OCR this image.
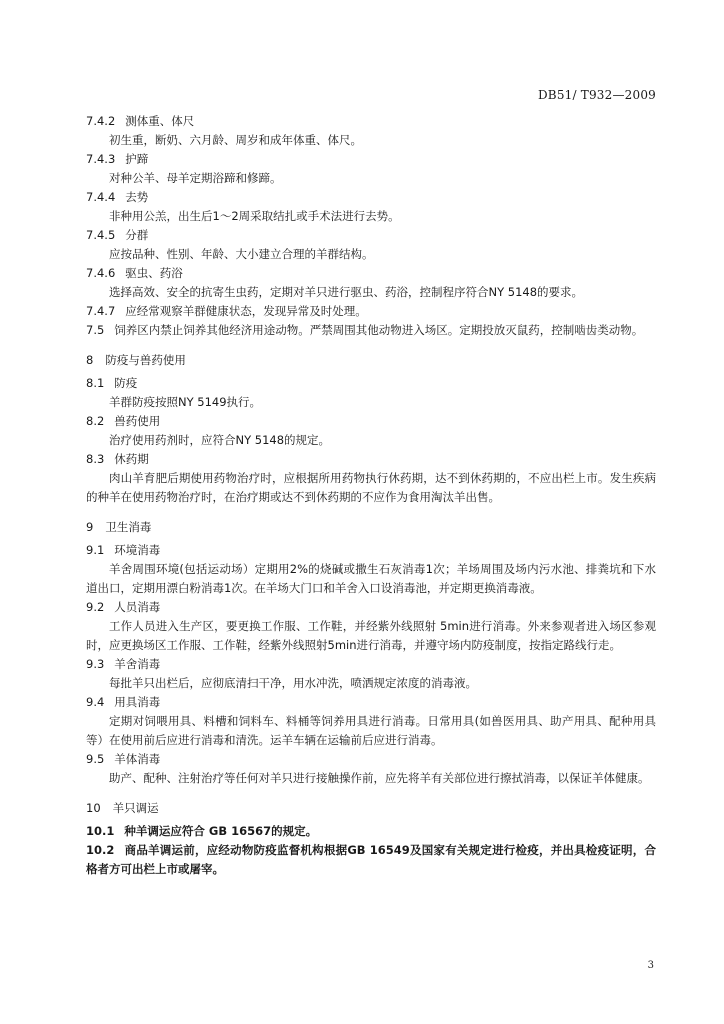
DB51/ T932—2009

7.4.2 测体重、体尺

初生重，断奶、六月龄、周岁和成年体重、体尺。

7.4.3 护蹄

对种公羊、母羊定期浴蹄和修蹄。

7.4.4 去势

非种用公羔，出生后1～2周采取结扎或手术法进行去势。

7.4.5 分群

应按品种、性别、年龄、大小建立合理的羊群结构。

7.4.6 驱虫、药浴

选择高效、安全的抗寄生虫药，定期对羊只进行驱虫、药浴，控制程序符合NY 5148的要求。

7.4.7 应经常观察羊群健康状态，发现异常及时处理。

7.5 饲养区内禁止饲养其他经济用途动物。严禁周围其他动物进入场区。定期投放灭鼠药，控制啮齿类动物。

8 防疫与兽药使用

8.1 防疫

羊群防疫按照NY 5149执行。

8.2 兽药使用

治疗使用药剂时，应符合NY 5148的规定。

8.3 休药期

肉山羊育肥后期使用药物治疗时，应根据所用药物执行休药期，达不到休药期的，不应出栏上市。发生疾病的种羊在使用药物治疗时，在治疗期或达不到休药期的不应作为食用淘汰羊出售。

9 卫生消毒

9.1 环境消毒

羊舍周围环境(包括运动场）定期用2%的烧碱或撒生石灰消毒1次；羊场周围及场内污水池、排粪坑和下水道出口，定期用漂白粉消毒1次。在羊场大门口和羊舍入口设消毒池，并定期更换消毒液。

9.2 人员消毒

工作人员进入生产区，要更换工作服、工作鞋，并经紫外线照射 5min进行消毒。外来参观者进入场区参观时，应更换场区工作服、工作鞋，经紫外线照射5min进行消毒，并遵守场内防疫制度，按指定路线行走。

9.3 羊舍消毒

每批羊只出栏后，应彻底清扫干净，用水冲洗，喷洒规定浓度的消毒液。

9.4 用具消毒

定期对饲喂用具、料槽和饲料车、料桶等饲养用具进行消毒。日常用具(如兽医用具、助产用具、配种用具等）在使用前后应进行消毒和清洗。运羊车辆在运输前后应进行消毒。

9.5 羊体消毒

助产、配种、注射治疗等任何对羊只进行接触操作前，应先将羊有关部位进行擦拭消毒，以保证羊体健康。

10 羊只调运

10.1 种羊调运应符合 GB 16567的规定。

10.2 商品羊调运前，应经动物防疫监督机构根据GB 16549及国家有关规定进行检疫，并出具检疫证明，合格者方可出栏上市或屠宰。

3
